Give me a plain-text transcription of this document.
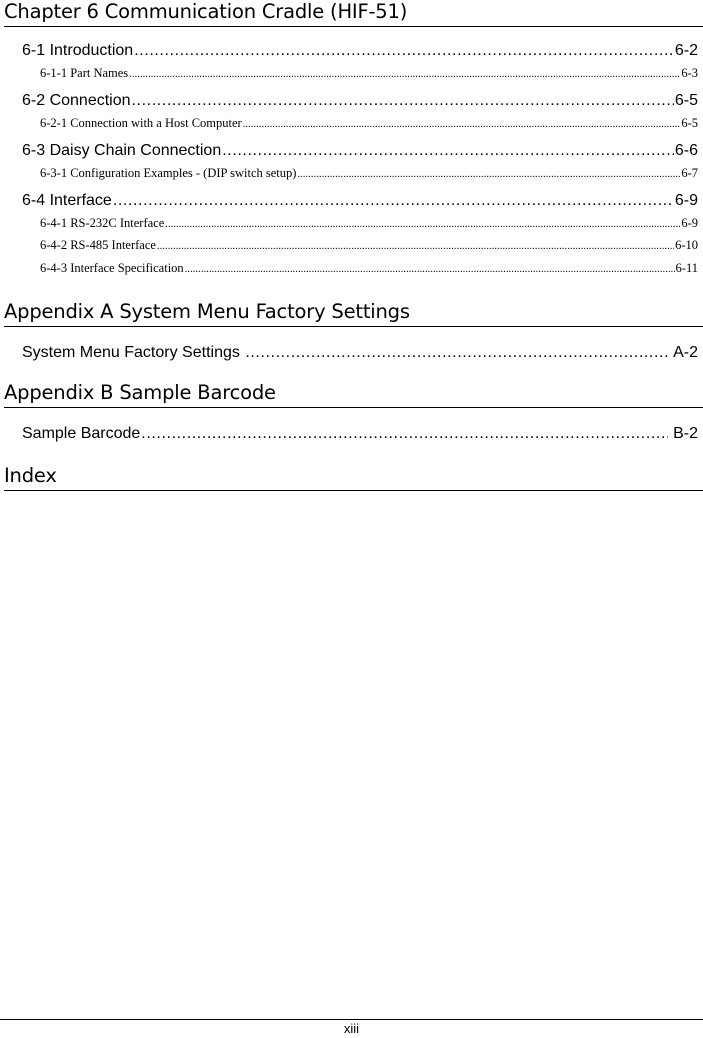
Chapter 6 Communication Cradle (HIF-51)
6-1 Introduction .....	6-2
6-1-1 Part Names .....	6-3
6-2 Connection .....	6-5
6-2-1 Connection with a Host Computer .....	6-5
6-3 Daisy Chain Connection .....	6-6
6-3-1 Configuration Examples - (DIP switch setup) .....	6-7
6-4 Interface .....	6-9
6-4-1 RS-232C Interface .....	6-9
6-4-2 RS-485 Interface .....	6-10
6-4-3 Interface Specification .....	6-11
Appendix A System Menu Factory Settings
System Menu Factory Settings .....	A-2
Appendix B Sample Barcode
Sample Barcode .....	B-2
Index
xiii
